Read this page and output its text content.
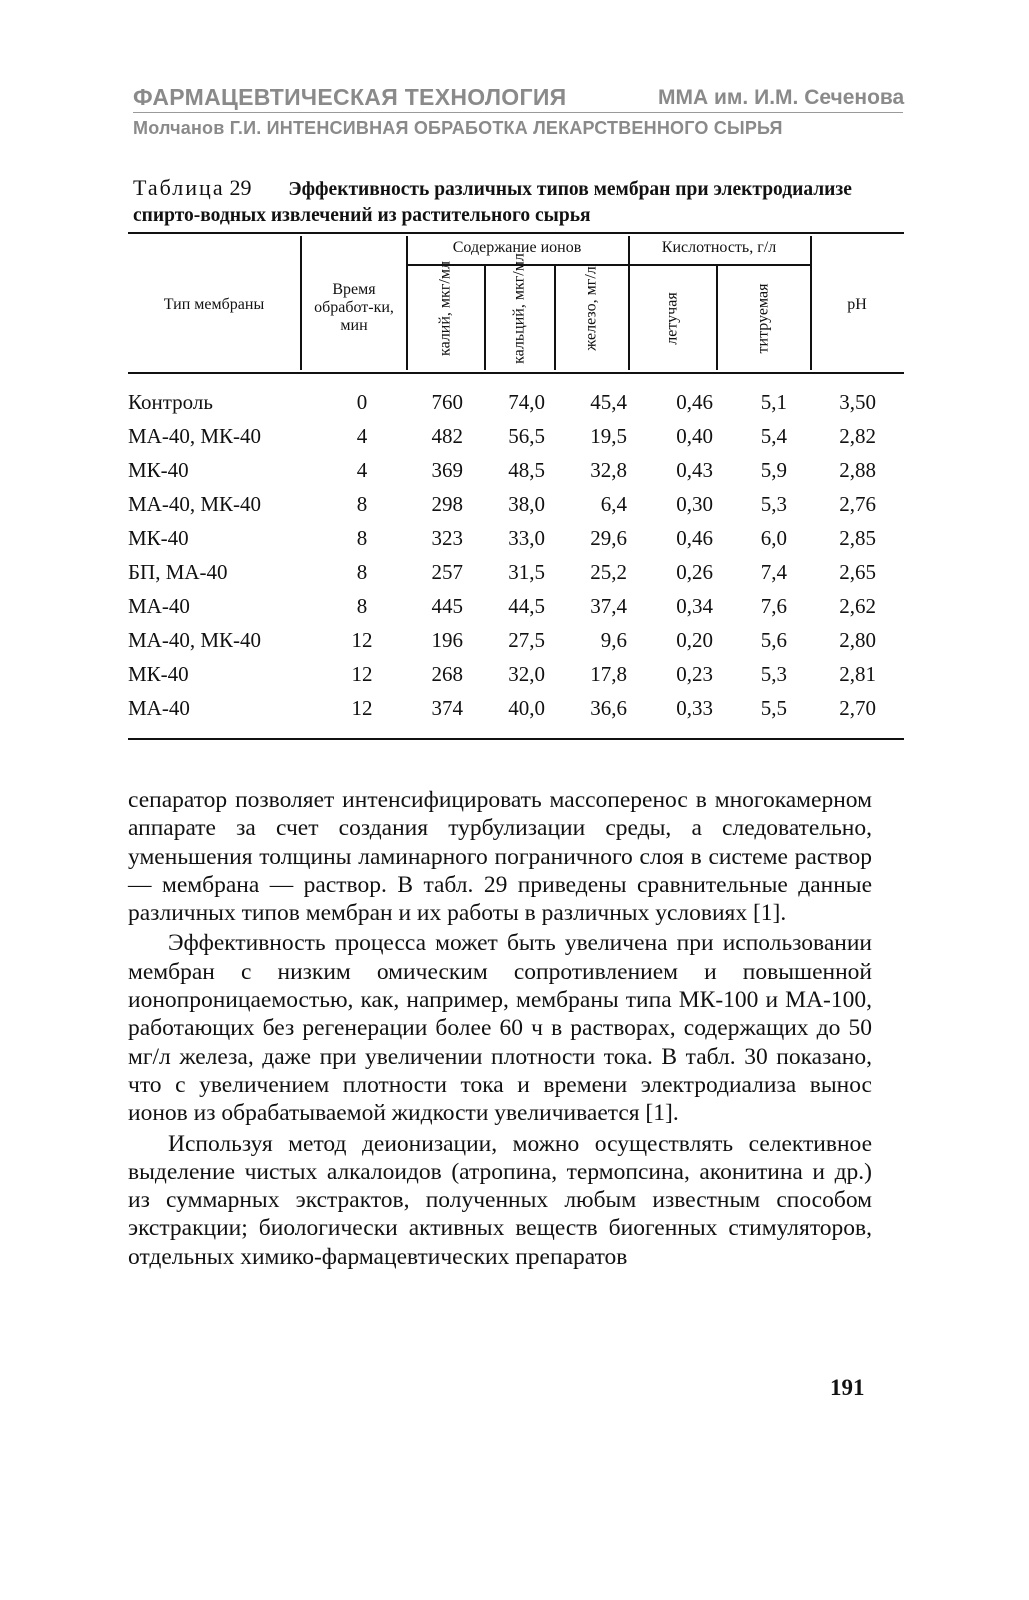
ФАРМАЦЕВТИЧЕСКАЯ ТЕХНОЛОГИЯ	ММА им. И.М. Сеченова
Молчанов Г.И. ИНТЕНСИВНАЯ ОБРАБОТКА ЛЕКАРСТВЕННОГО СЫРЬЯ
Таблица 29 Эффективность различных типов мембран при электродиализе спирто-водных извлечений из растительного сырья
Тип мембраны
Время обработ-ки, мин
Содержание ионов	Кислотность, г/л
pH
калий, мкг/мл	кальций, мкг/мл	железо, мг/л	летучая	титруемая
Контроль	0	760	74,0	45,4	0,46	5,1	3,50
МА-40, МК-40	4	482	56,5	19,5	0,40	5,4	2,82
МК-40	4	369	48,5	32,8	0,43	5,9	2,88
МА-40, МК-40	8	298	38,0	6,4	0,30	5,3	2,76
МК-40	8	323	33,0	29,6	0,46	6,0	2,85
БП, МА-40	8	257	31,5	25,2	0,26	7,4	2,65
МА-40	8	445	44,5	37,4	0,34	7,6	2,62
МА-40, МК-40	12	196	27,5	9,6	0,20	5,6	2,80
МК-40	12	268	32,0	17,8	0,23	5,3	2,81
МА-40	12	374	40,0	36,6	0,33	5,5	2,70

сепаратор позволяет интенсифицировать массоперенос в многокамерном аппарате за счет создания турбулизации среды, а следовательно, уменьшения толщины ламинарного пограничного слоя в системе раствор — мембрана — раствор. В табл. 29 приведены сравнительные данные различных типов мембран и их работы в различных условиях [1].

Эффективность процесса может быть увеличена при использовании мембран с низким омическим сопротивлением и повышенной ионопроницаемостью, как, например, мембраны типа МК-100 и МА-100, работающих без регенерации более 60 ч в растворах, содержащих до 50 мг/л железа, даже при увеличении плотности тока. В табл. 30 показано, что с увеличением плотности тока и времени электродиализа вынос ионов из обрабатываемой жидкости увеличивается [1].

Используя метод деионизации, можно осуществлять селективное выделение чистых алкалоидов (атропина, термопсина, аконитина и др.) из суммарных экстрактов, полученных любым известным способом экстракции; биологически активных веществ биогенных стимуляторов, отдельных химико-фармацевтических препаратов

191
